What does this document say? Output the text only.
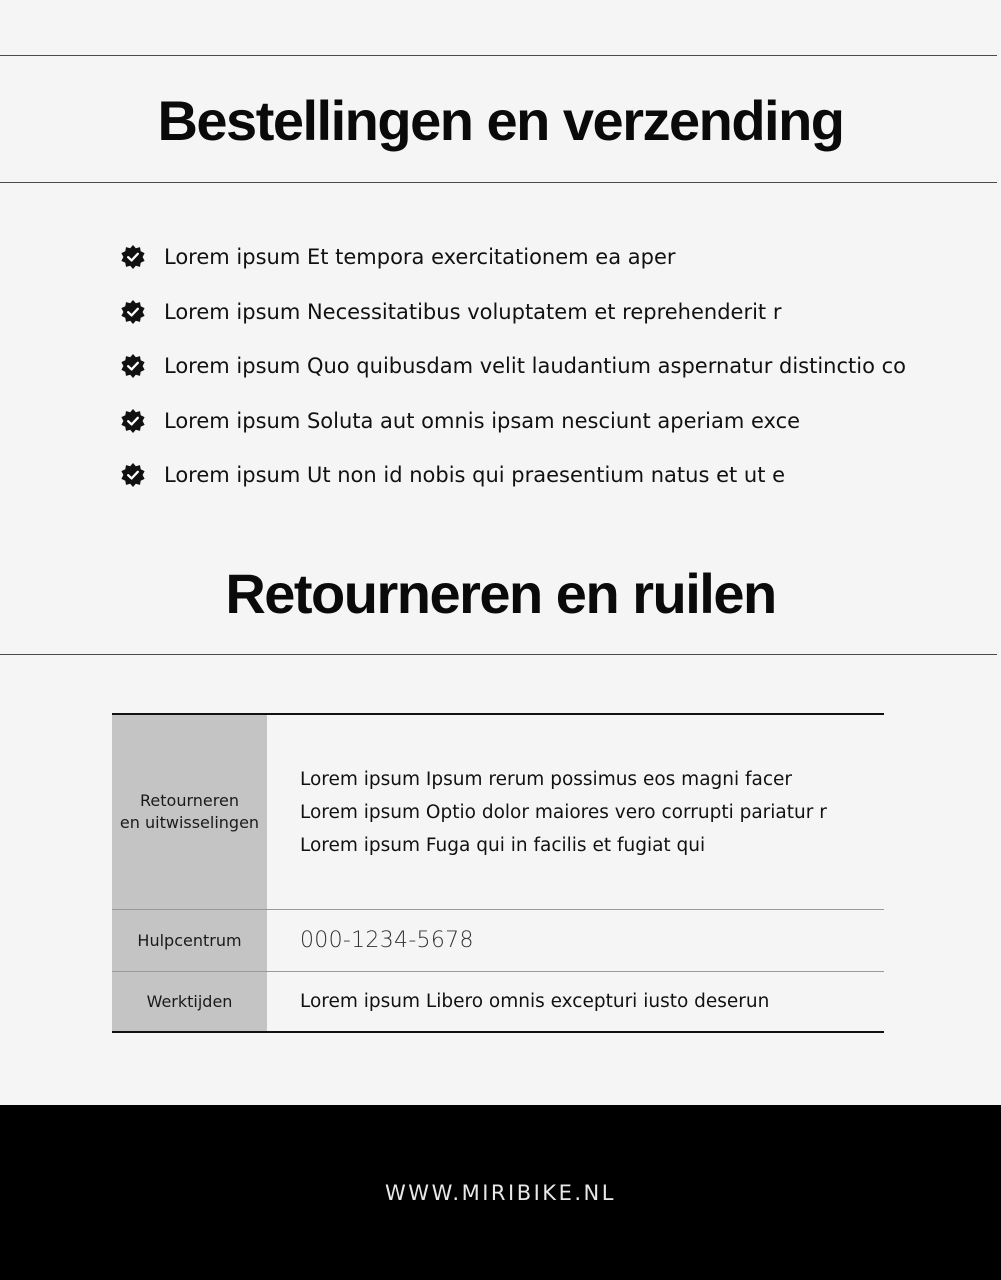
Bestellingen en verzending
Lorem ipsum Et tempora exercitationem ea aper
Lorem ipsum Necessitatibus voluptatem et reprehenderit r
Lorem ipsum Quo quibusdam velit laudantium aspernatur distinctio co
Lorem ipsum Soluta aut omnis ipsam nesciunt aperiam exce
Lorem ipsum Ut non id nobis qui praesentium natus et ut e
Retourneren en ruilen
Retourneren
en uitwisselingen
Lorem ipsum Ipsum rerum possimus eos magni facer
Lorem ipsum Optio dolor maiores vero corrupti pariatur r
Lorem ipsum Fuga qui in facilis et fugiat qui
Hulpcentrum	000-1234-5678
Werktijden	Lorem ipsum Libero omnis excepturi iusto deserun
WWW.MIRIBIKE.NL
